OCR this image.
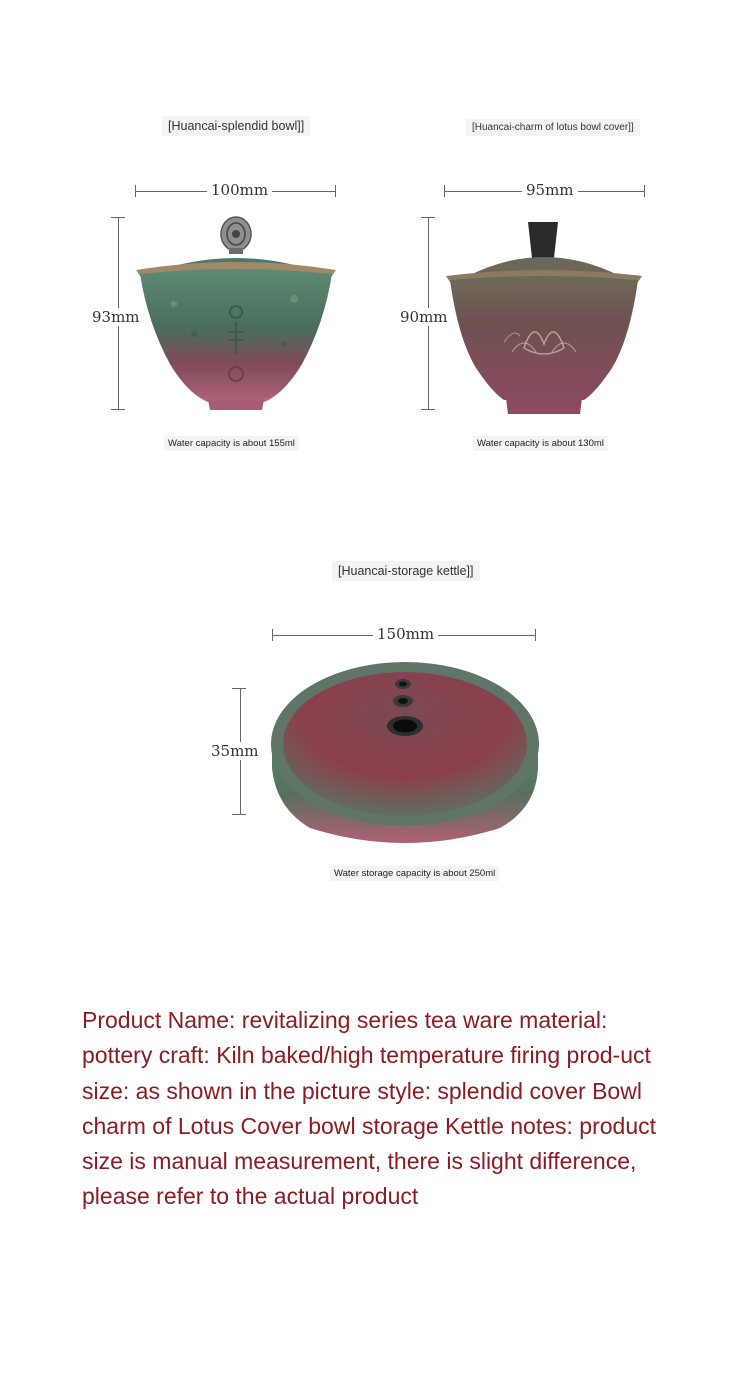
[Huancai-splendid bowl]]
100mm
93mm
Water capacity is about 155ml
[Huancai-charm of lotus bowl cover]]
95mm
90mm
Water capacity is about 130ml
[Huancai-storage kettle]]
150mm
35mm
Water storage capacity is about 250ml

Product Name: revitalizing series tea ware material: pottery craft: Kiln baked/high temperature firing prod-uct size: as shown in the picture style: splendid cover Bowl charm of Lotus Cover bowl storage Kettle notes: product size is manual measurement, there is slight difference, please refer to the actual product
